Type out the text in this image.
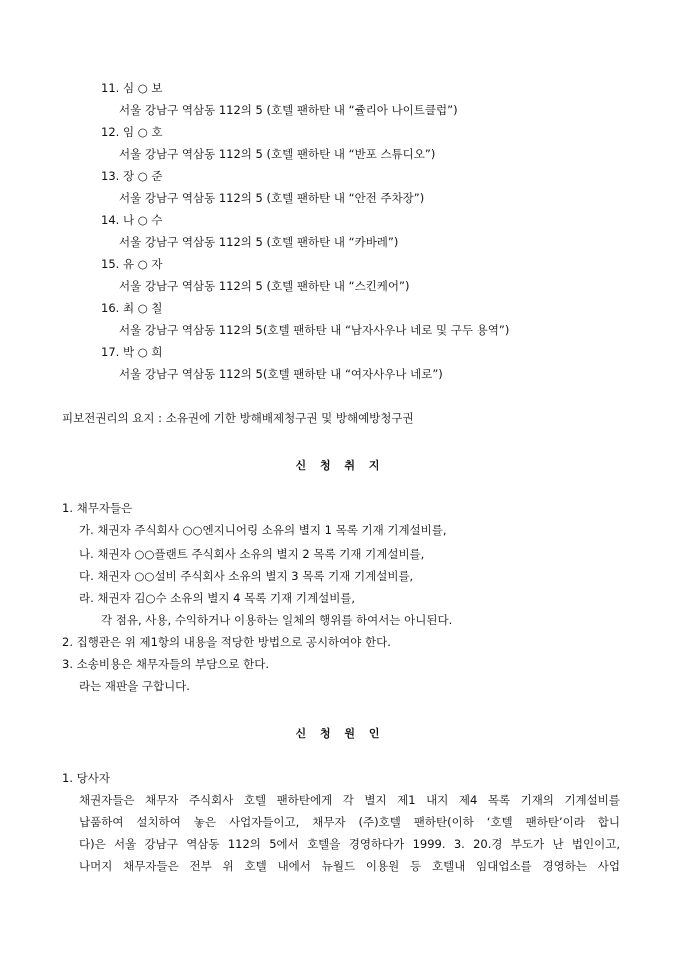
11. 심 ○ 보
서울 강남구 역삼동 112의 5 (호텔 팬하탄 내 “쥴리아 나이트클럽”)
12. 임 ○ 호
서울 강남구 역삼동 112의 5 (호텔 팬하탄 내 “반포 스튜디오”)
13. 장 ○ 준
서울 강남구 역삼동 112의 5 (호텔 팬하탄 내 “안전 주차장”)
14. 나 ○ 수
서울 강남구 역삼동 112의 5 (호텔 팬하탄 내 “카바레”)
15. 유 ○ 자
서울 강남구 역삼동 112의 5 (호텔 팬하탄 내 “스킨케어”)
16. 최 ○ 칠
서울 강남구 역삼동 112의 5(호텔 팬하탄 내 “남자사우나 네로 및 구두 용역”)
17. 박 ○ 희
서울 강남구 역삼동 112의 5(호텔 팬하탄 내 “여자사우나 네로”)
피보전권리의 요지 : 소유권에 기한 방해배제청구권 및 방해예방청구권
신 청 취 지
1. 채무자들은
가. 채권자 주식회사 ○○엔지니어링 소유의 별지 1 목록 기재 기계설비를,
나. 채권자 ○○플랜트 주식회사 소유의 별지 2 목록 기재 기계설비를,
다. 채권자 ○○설비 주식회사 소유의 별지 3 목록 기재 기계설비를,
라. 채권자 김○수 소유의 별지 4 목록 기재 기계설비를,
각 점유, 사용, 수익하거나 이용하는 일체의 행위를 하여서는 아니된다.
2. 집행관은 위 제1항의 내용을 적당한 방법으로 공시하여야 한다.
3. 소송비용은 채무자들의 부담으로 한다.
라는 재판을 구합니다.
신 청 원 인
1. 당사자
채권자들은 채무자 주식회사 호텔 팬하탄에게 각 별지 제1 내지 제4 목록 기재의 기계설비를
납품하여 설치하여 놓은 사업자들이고, 채무자 (주)호텔 팬하탄(이하 ‘호텔 팬하탄’이라 합니
다)은 서울 강남구 역삼동 112의 5에서 호텔을 경영하다가 1999. 3. 20.경 부도가 난 법인이고,
나머지 채무자들은 전부 위 호텔 내에서 뉴월드 이용원 등 호텔내 임대업소를 경영하는 사업
